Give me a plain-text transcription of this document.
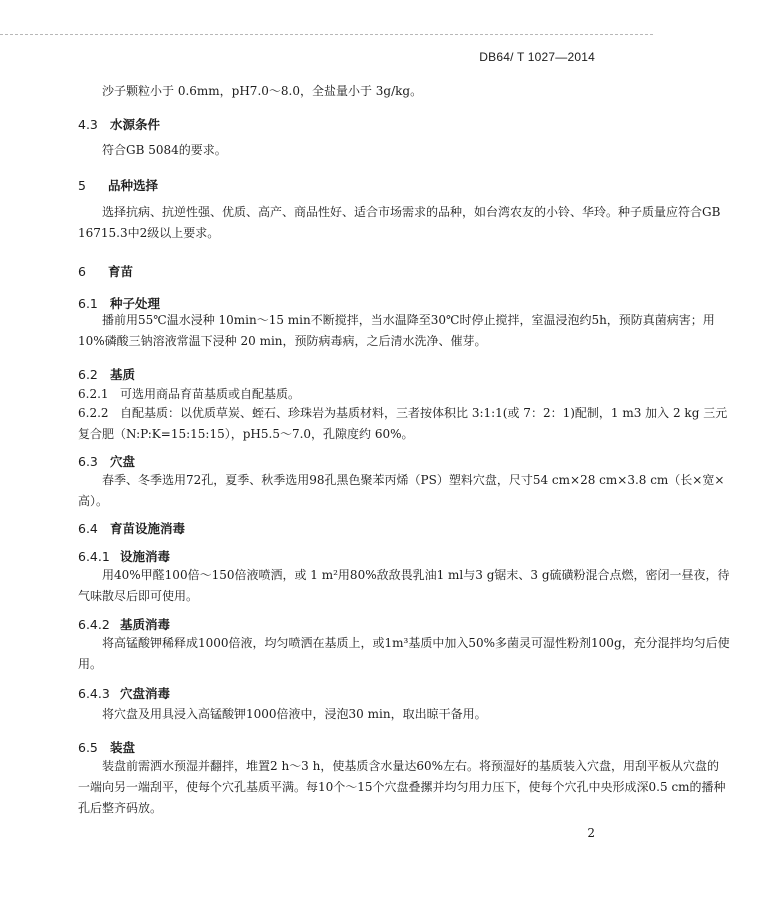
DB64/ T 1027—2014
沙子颗粒小于 0.6mm，pH7.0～8.0，全盐量小于 3g/kg。
4.3 水源条件
符合GB 5084的要求。
5 品种选择
选择抗病、抗逆性强、优质、高产、商品性好、适合市场需求的品种，如台湾农友的小铃、华玲。种子质量应符合GB 16715.3中2级以上要求。
6 育苗
6.1 种子处理
播前用55℃温水浸种 10min～15 min不断搅拌，当水温降至30℃时停止搅拌，室温浸泡约5h，预防真菌病害；用10%磷酸三钠溶液常温下浸种 20 min，预防病毒病，之后清水洗净、催芽。
6.2 基质
6.2.1 可选用商品育苗基质或自配基质。
6.2.2 自配基质：以优质草炭、蛭石、珍珠岩为基质材料，三者按体积比 3:1:1(或 7：2：1)配制，1 m3 加入 2 kg 三元复合肥（N:P:K=15:15:15），pH5.5～7.0，孔隙度约 60%。
6.3 穴盘
春季、冬季选用72孔，夏季、秋季选用98孔黑色聚苯丙烯（PS）塑料穴盘，尺寸54 cm×28 cm×3.8 cm（长×宽×高）。
6.4 育苗设施消毒
6.4.1 设施消毒
用40%甲醛100倍～150倍液喷洒，或 1 m²用80%敌敌畏乳油1 ml与3 g锯末、3 g硫磺粉混合点燃，密闭一昼夜，待气味散尽后即可使用。
6.4.2 基质消毒
将高锰酸钾稀释成1000倍液，均匀喷洒在基质上，或1m³基质中加入50%多菌灵可湿性粉剂100g，充分混拌均匀后使用。
6.4.3 穴盘消毒
将穴盘及用具浸入高锰酸钾1000倍液中，浸泡30 min，取出晾干备用。
6.5 装盘
装盘前需洒水预湿并翻拌，堆置2 h～3 h，使基质含水量达60%左右。将预湿好的基质装入穴盘，用刮平板从穴盘的一端向另一端刮平，使每个穴孔基质平满。每10个～15个穴盘叠摞并均匀用力压下，使每个穴孔中央形成深0.5 cm的播种孔后整齐码放。
2
